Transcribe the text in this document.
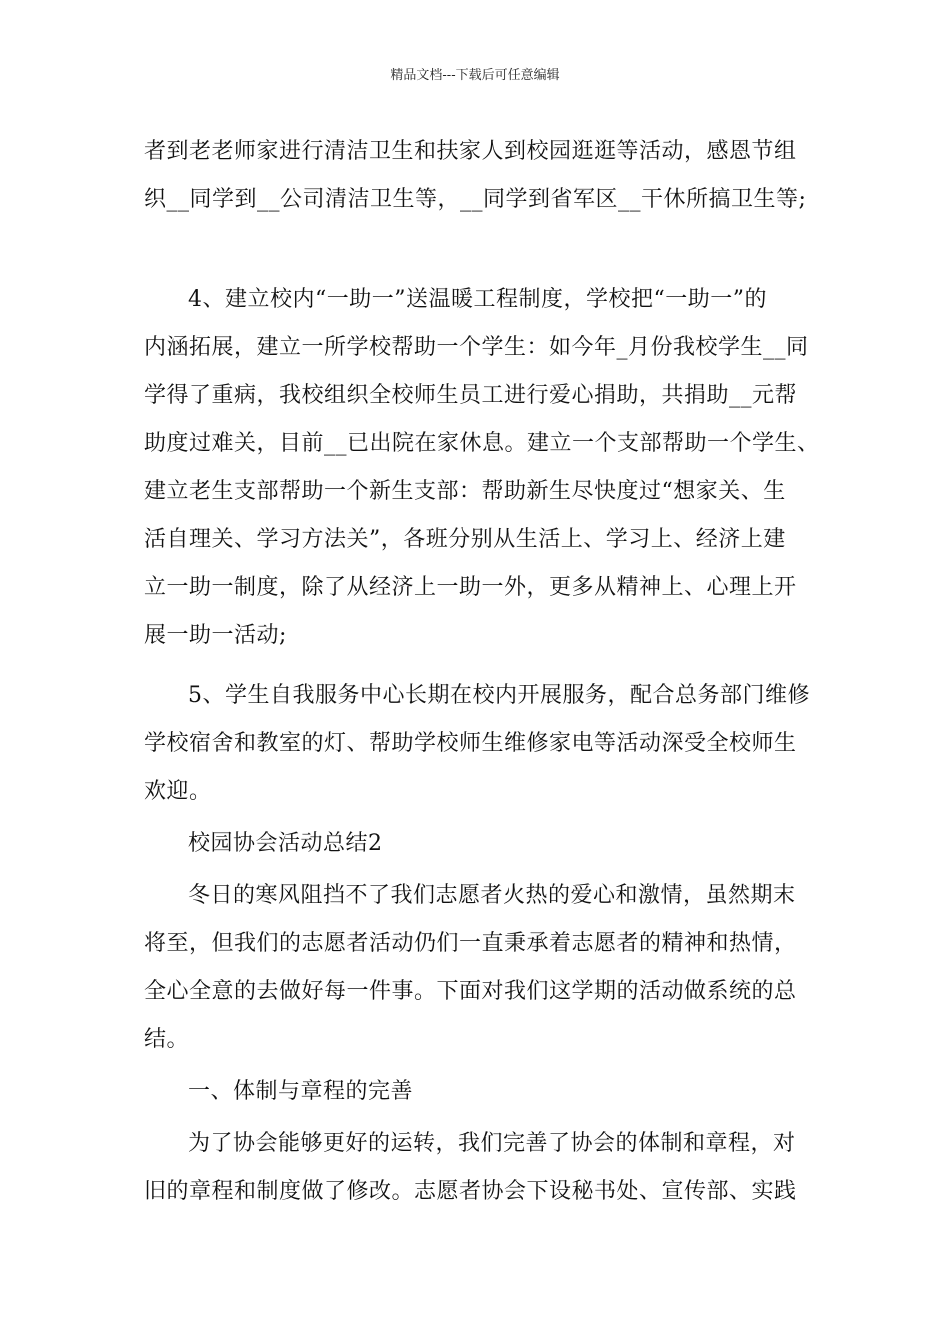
精品文档---下载后可任意编辑
者到老老师家进行清洁卫生和扶家人到校园逛逛等活动，感恩节组
织__同学到__公司清洁卫生等，__同学到省军区__干休所搞卫生等;
4、建立校内“一助一”送温暖工程制度，学校把“一助一”的
内涵拓展，建立一所学校帮助一个学生：如今年_月份我校学生__同
学得了重病，我校组织全校师生员工进行爱心捐助，共捐助__元帮
助度过难关，目前__已出院在家休息。建立一个支部帮助一个学生、
建立老生支部帮助一个新生支部：帮助新生尽快度过“想家关、生
活自理关、学习方法关”，各班分别从生活上、学习上、经济上建
立一助一制度，除了从经济上一助一外，更多从精神上、心理上开
展一助一活动;
5、学生自我服务中心长期在校内开展服务，配合总务部门维修
学校宿舍和教室的灯、帮助学校师生维修家电等活动深受全校师生
欢迎。
校园协会活动总结2
冬日的寒风阻挡不了我们志愿者火热的爱心和激情，虽然期末
将至，但我们的志愿者活动仍们一直秉承着志愿者的精神和热情，
全心全意的去做好每一件事。下面对我们这学期的活动做系统的总
结。
一、体制与章程的完善
为了协会能够更好的运转，我们完善了协会的体制和章程，对
旧的章程和制度做了修改。志愿者协会下设秘书处、宣传部、实践
